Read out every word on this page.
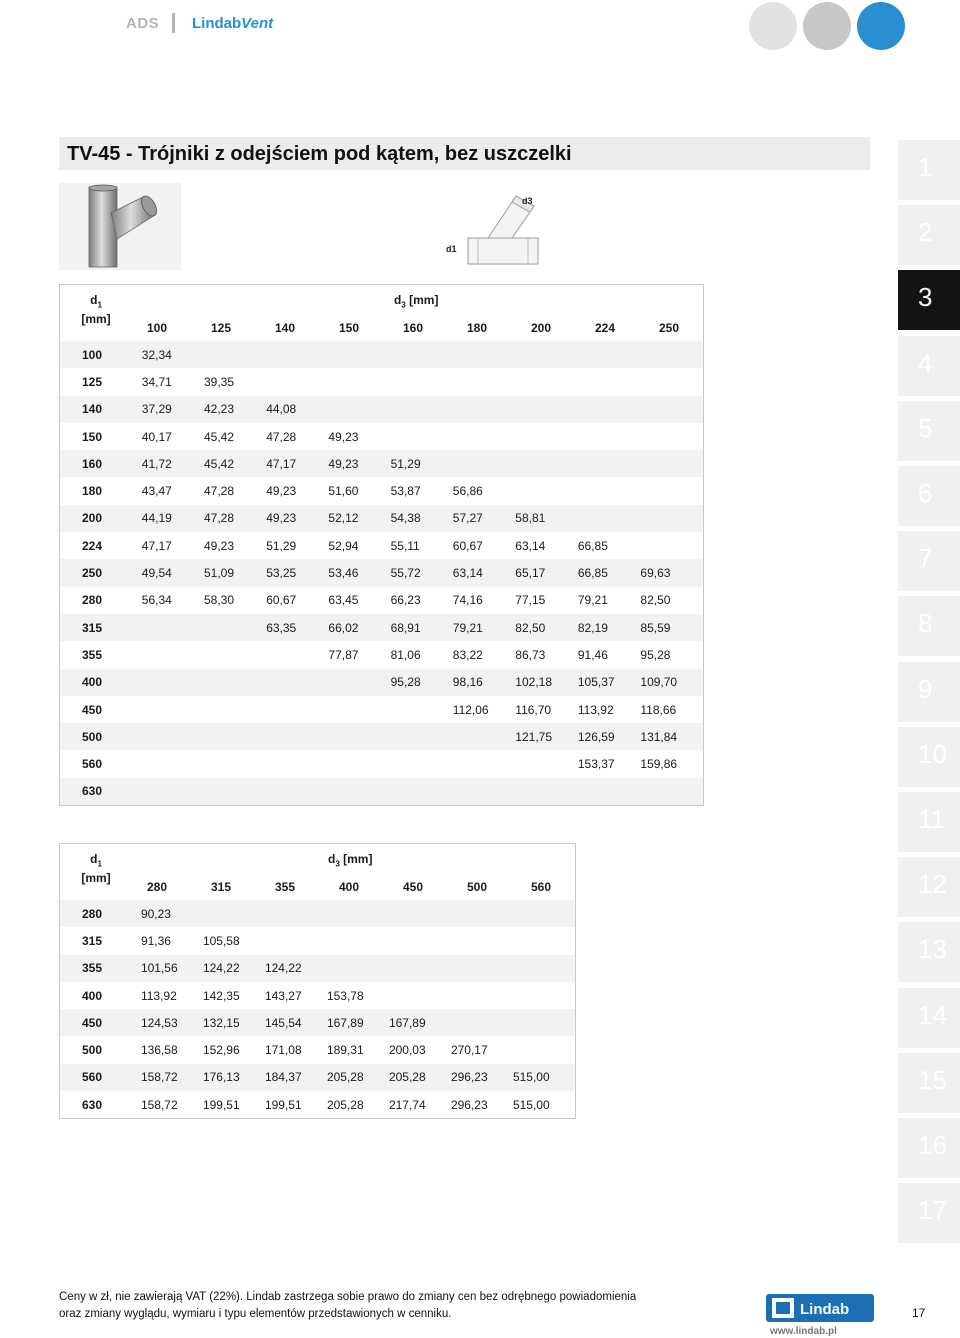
ADS LindabVent
TV-45 - Trójniki z odejściem pod kątem, bez uszczelki
d1
d3
$d_1$
[mm]
$d_3$ [mm]
100	125	140	150	160	180	200	224	250
100	32,34								
125	34,71	39,35							
140	37,29	42,23	44,08						
150	40,17	45,42	47,28	49,23					
160	41,72	45,42	47,17	49,23	51,29				
180	43,47	47,28	49,23	51,60	53,87	56,86			
200	44,19	47,28	49,23	52,12	54,38	57,27	58,81		
224	47,17	49,23	51,29	52,94	55,11	60,67	63,14	66,85	
250	49,54	51,09	53,25	53,46	55,72	63,14	65,17	66,85	69,63
280	56,34	58,30	60,67	63,45	66,23	74,16	77,15	79,21	82,50
315			63,35	66,02	68,91	79,21	82,50	82,19	85,59
355				77,87	81,06	83,22	86,73	91,46	95,28
400					95,28	98,16	102,18	105,37	109,70
450						112,06	116,70	113,92	118,66
500							121,75	126,59	131,84
560								153,37	159,86
630									
$d_1$
[mm]
$d_3$ [mm]
280	315	355	400	450	500	560
280	90,23						
315	91,36	105,58					
355	101,56	124,22	124,22				
400	113,92	142,35	143,27	153,78			
450	124,53	132,15	145,54	167,89	167,89		
500	136,58	152,96	171,08	189,31	200,03	270,17	
560	158,72	176,13	184,37	205,28	205,28	296,23	515,00
630	158,72	199,51	199,51	205,28	217,74	296,23	515,00
1
2
3
4
5
6
7
8
9
10
11
12
13
14
15
16
17
Ceny w zł, nie zawierają VAT (22%). Lindab zastrzega sobie prawo do zmiany cen bez odrębnego powiadomienia
oraz zmiany wyglądu, wymiaru i typu elementów przedstawionych w cenniku.	Lindab
www.lindab.pl
17
